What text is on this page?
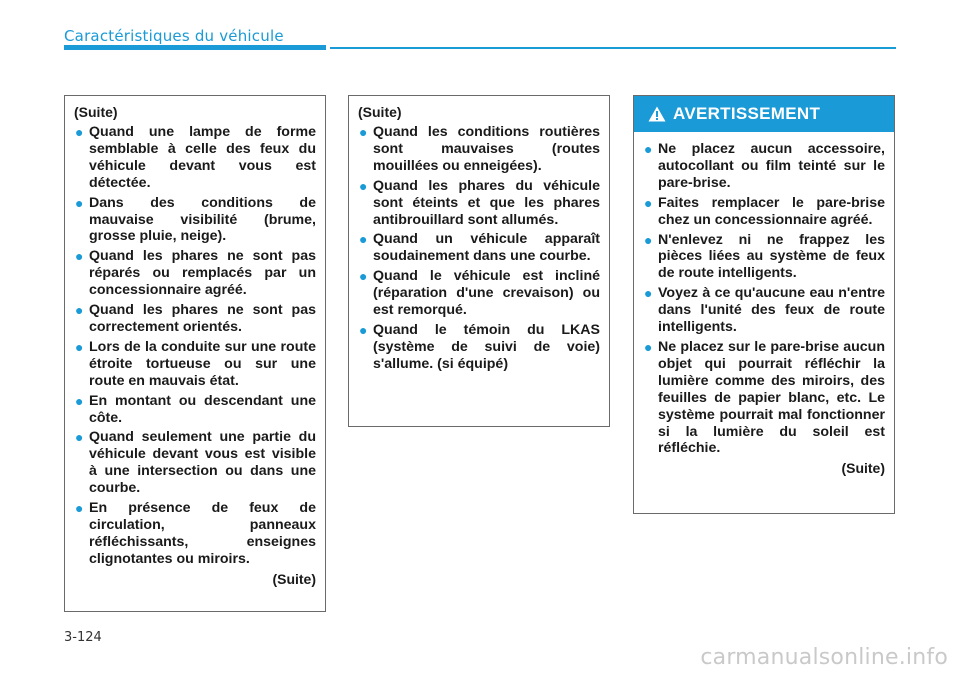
Caractéristiques du véhicule
(Suite)
● Quand une lampe de forme semblable à celle des feux du véhicule devant vous est détectée.
● Dans des conditions de mauvaise visibilité (brume, grosse pluie, neige).
● Quand les phares ne sont pas réparés ou remplacés par un concessionnaire agréé.
● Quand les phares ne sont pas correctement orientés.
● Lors de la conduite sur une route étroite tortueuse ou sur une route en mauvais état.
● En montant ou descendant une côte.
● Quand seulement une partie du véhicule devant vous est visible à une intersection ou dans une courbe.
● En présence de feux de circulation, panneaux réfléchissants, enseignes clignotantes ou miroirs.
(Suite)
(Suite)
● Quand les conditions routières sont mauvaises (routes mouillées ou enneigées).
● Quand les phares du véhicule sont éteints et que les phares antibrouillard sont allumés.
● Quand un véhicule apparaît soudainement dans une courbe.
● Quand le véhicule est incliné (réparation d'une crevaison) ou est remorqué.
● Quand le témoin du LKAS (système de suivi de voie) s'allume. (si équipé)
AVERTISSEMENT
● Ne placez aucun accessoire, autocollant ou film teinté sur le pare-brise.
● Faites remplacer le pare-brise chez un concessionnaire agréé.
● N'enlevez ni ne frappez les pièces liées au système de feux de route intelligents.
● Voyez à ce qu'aucune eau n'entre dans l'unité des feux de route intelligents.
● Ne placez sur le pare-brise aucun objet qui pourrait réfléchir la lumière comme des miroirs, des feuilles de papier blanc, etc. Le système pourrait mal fonctionner si la lumière du soleil est réfléchie.
(Suite)
3-124
carmanualsonline.info
